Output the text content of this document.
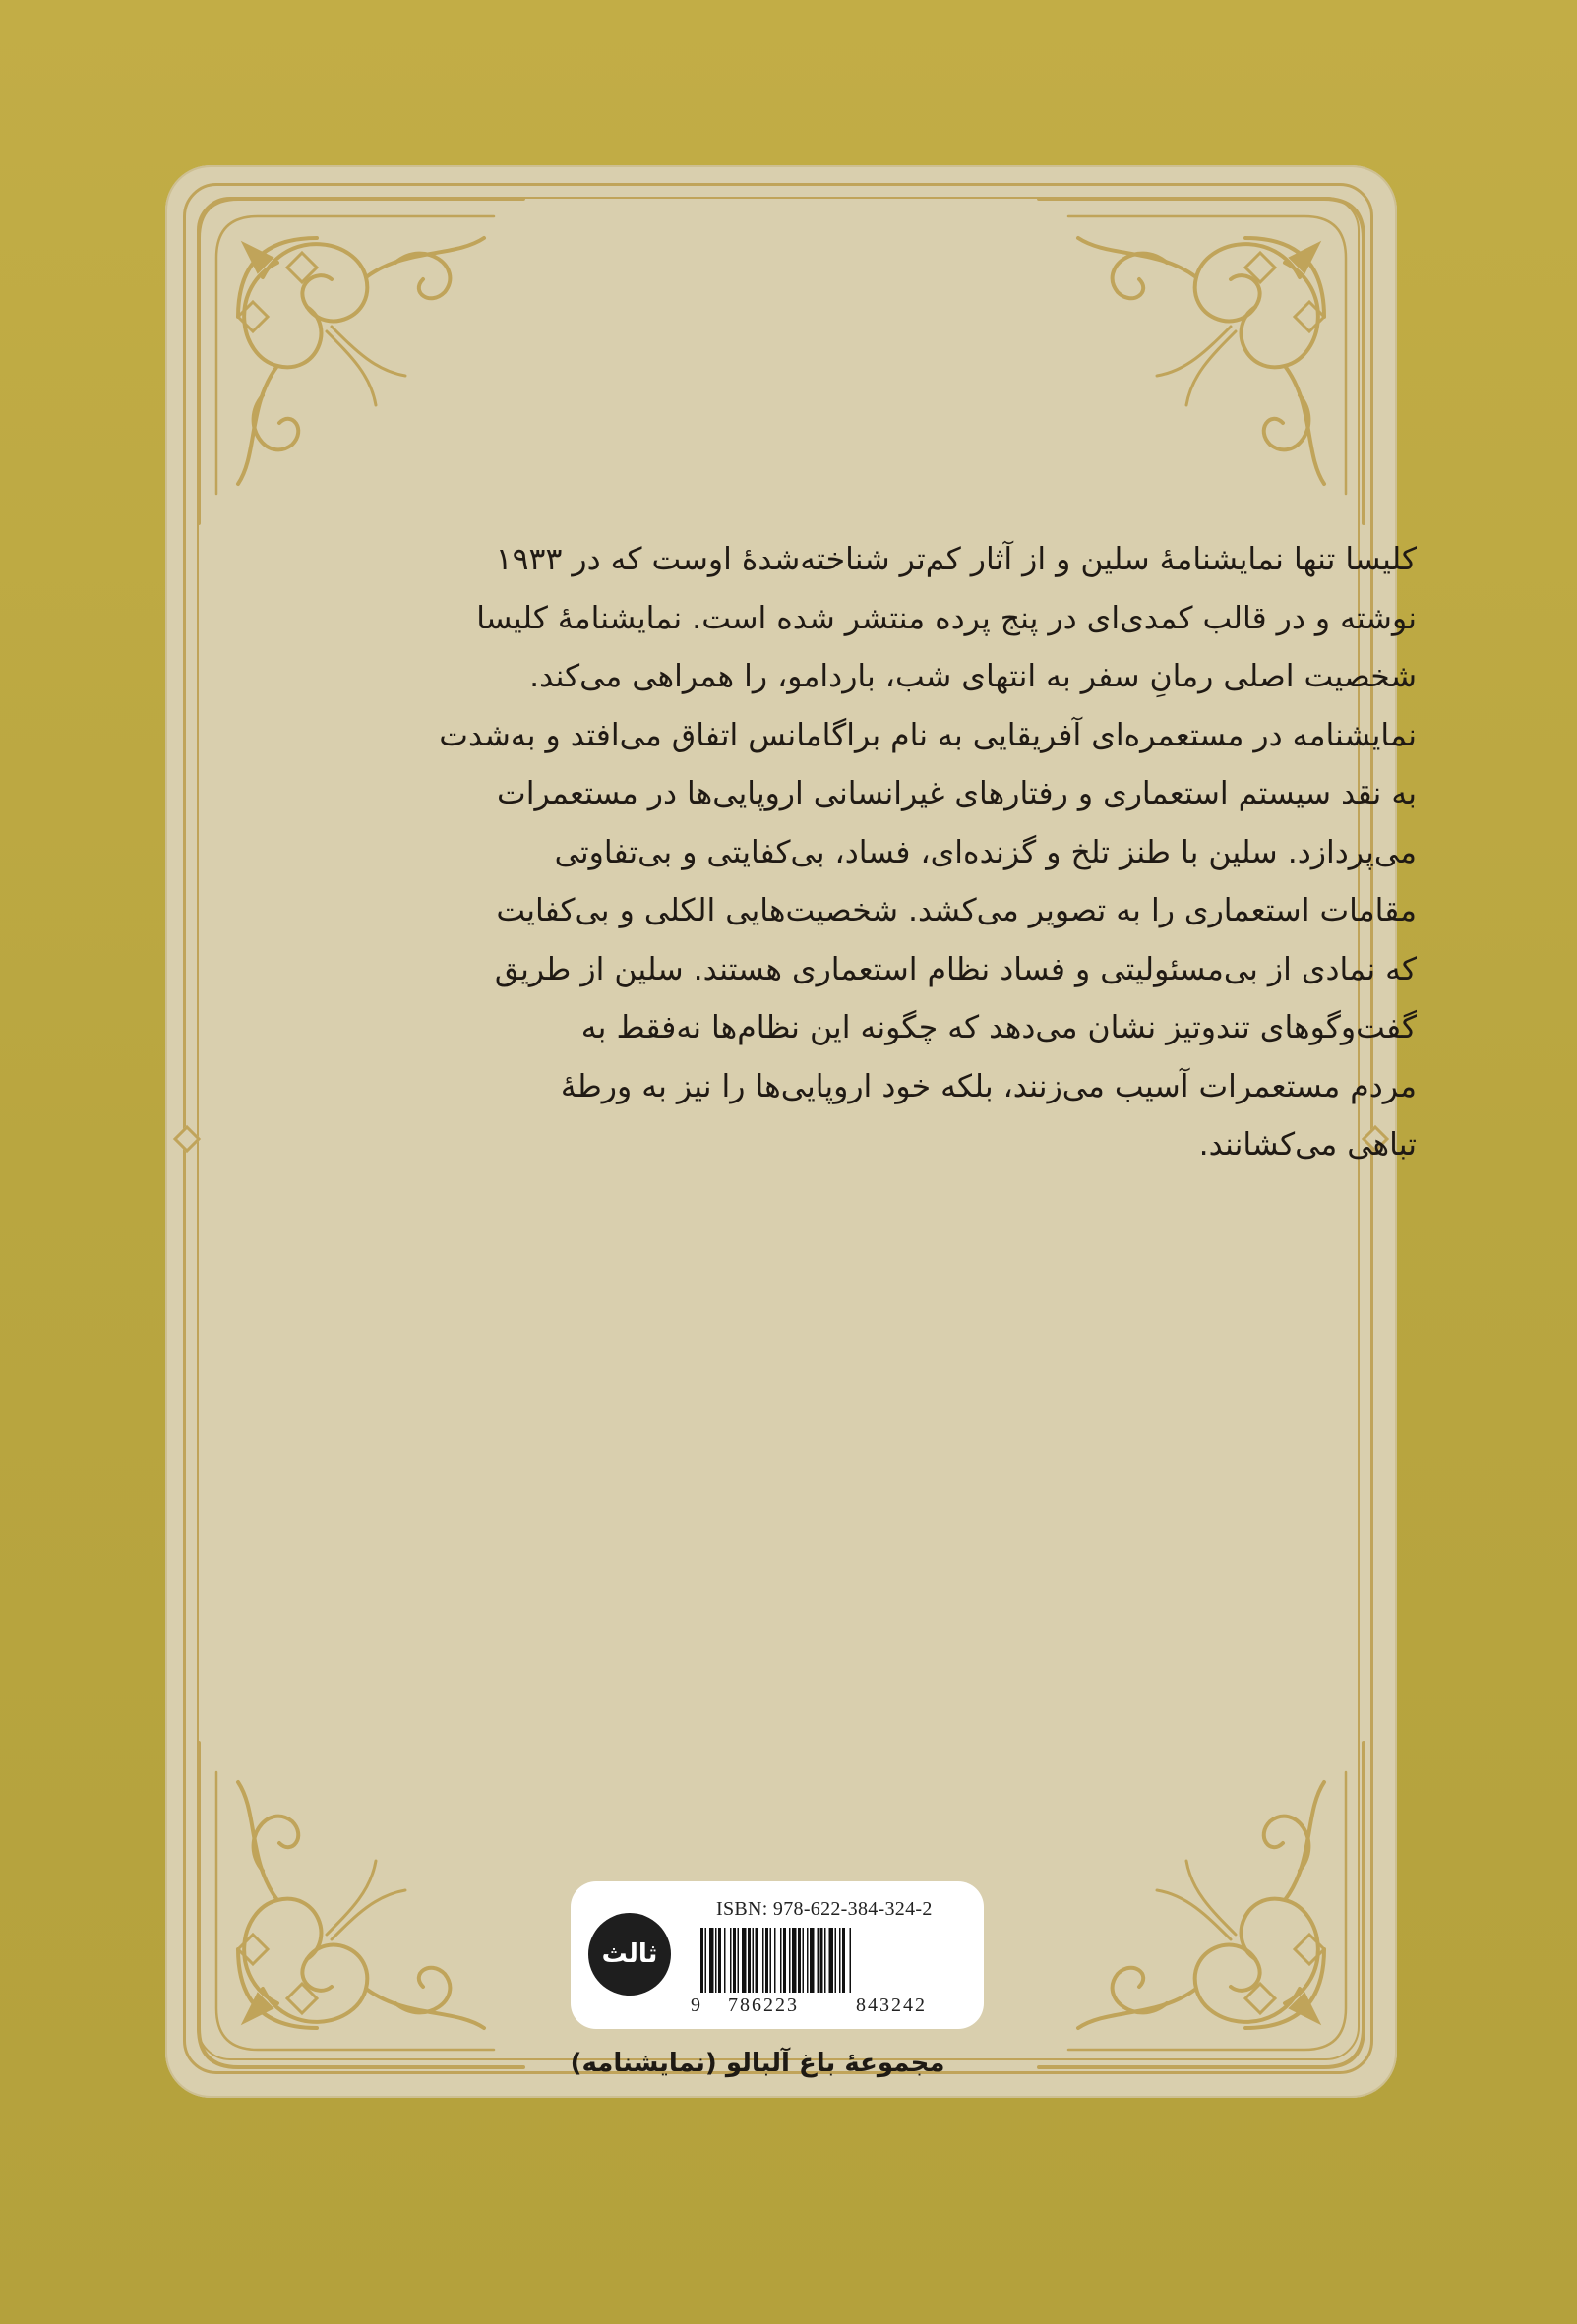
کلیسا تنها نمایشنامهٔ سلین و از آثار کم‌تر شناخته‌شدهٔ اوست که در ۱۹۳۳

نوشته و در قالب کمدی‌ای در پنج پرده منتشر شده است. نمایشنامهٔ کلیسا

شخصیت اصلی رمانِ سفر به انتهای شب، باردامو، را همراهی می‌کند.

نمایشنامه در مستعمره‌ای آفریقایی به نام براگامانس اتفاق می‌افتد و به‌شدت

به نقد سیستم استعماری و رفتارهای غیرانسانی اروپایی‌ها در مستعمرات

می‌پردازد. سلین با طنز تلخ و گزنده‌ای، فساد، بی‌کفایتی و بی‌تفاوتی

مقامات استعماری را به تصویر می‌کشد. شخصیت‌هایی الکلی و بی‌کفایت

که نمادی از بی‌مسئولیتی و فساد نظام استعماری هستند. سلین از طریق

گفت‌وگوهای تندوتیز نشان می‌دهد که چگونه این نظام‌ها نه‌فقط به

مردم مستعمرات آسیب می‌زنند، بلکه خود اروپایی‌ها را نیز به ورطهٔ

تباهی می‌کشانند.

ثالث
ISBN: 978-622-384-324-2
9 786223	843242
مجموعهٔ باغ آلبالو (نمایشنامه)
